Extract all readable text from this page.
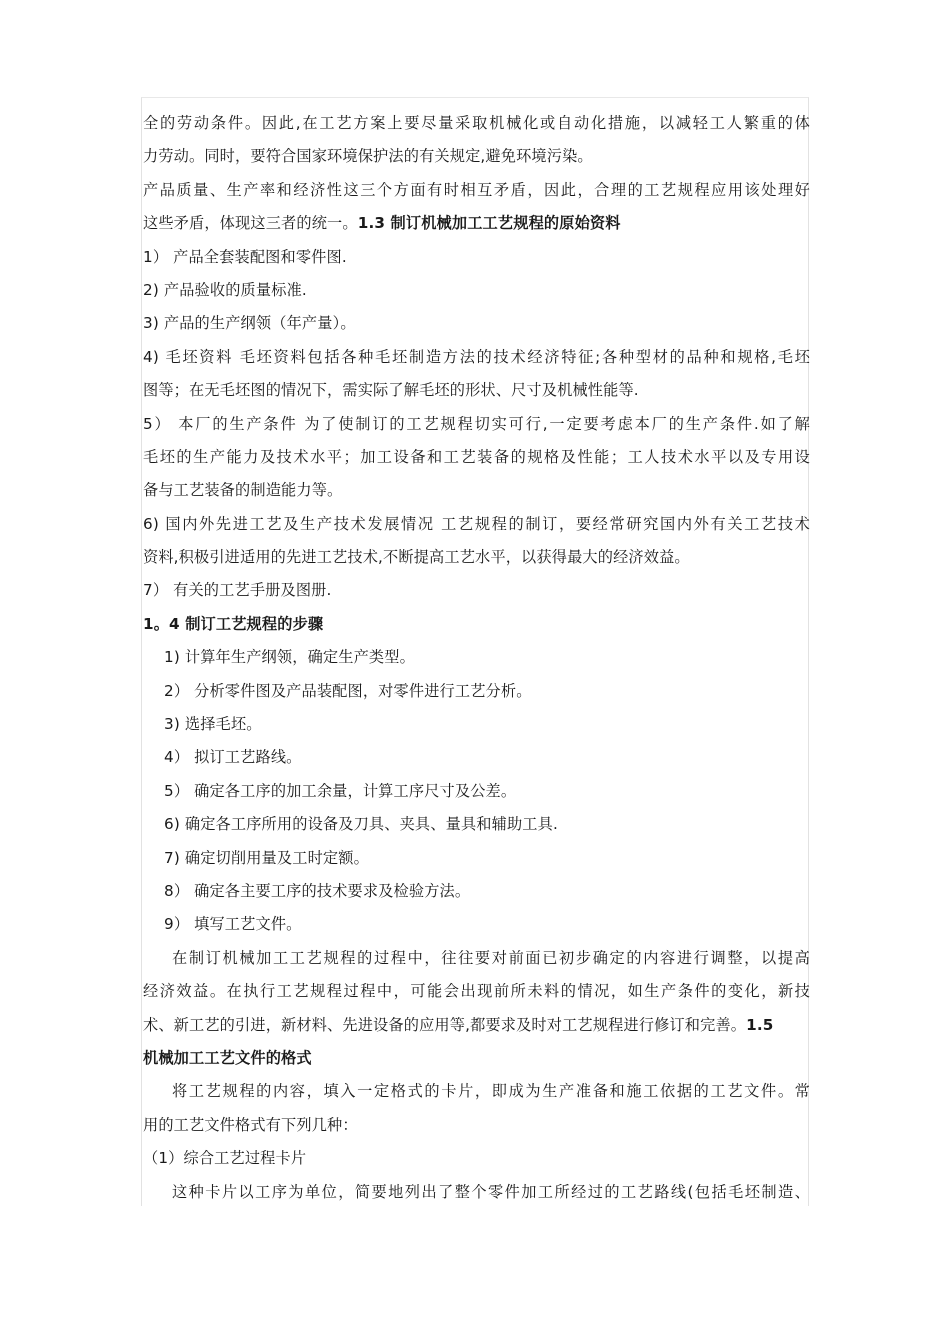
全的劳动条件。因此,在工艺方案上要尽量采取机械化或自动化措施，以减轻工人繁重的体
力劳动。同时，要符合国家环境保护法的有关规定,避免环境污染。
产品质量、生产率和经济性这三个方面有时相互矛盾，因此，合理的工艺规程应用该处理好
这些矛盾，体现这三者的统一。1.3 制订机械加工工艺规程的原始资料
1） 产品全套装配图和零件图.
2) 产品验收的质量标准.
3) 产品的生产纲领（年产量）。
4) 毛坯资料 毛坯资料包括各种毛坯制造方法的技术经济特征;各种型材的品种和规格,毛坯
图等；在无毛坯图的情况下，需实际了解毛坯的形状、尺寸及机械性能等.
5） 本厂的生产条件 为了使制订的工艺规程切实可行,一定要考虑本厂的生产条件.如了解
毛坯的生产能力及技术水平；加工设备和工艺装备的规格及性能；工人技术水平以及专用设
备与工艺装备的制造能力等。
6) 国内外先进工艺及生产技术发展情况 工艺规程的制订，要经常研究国内外有关工艺技术
资料,积极引进适用的先进工艺技术,不断提高工艺水平，以获得最大的经济效益。
7） 有关的工艺手册及图册.
1。4 制订工艺规程的步骤
1) 计算年生产纲领，确定生产类型。
2） 分析零件图及产品装配图，对零件进行工艺分析。
3) 选择毛坯。
4） 拟订工艺路线。
5） 确定各工序的加工余量，计算工序尺寸及公差。
6) 确定各工序所用的设备及刀具、夹具、量具和辅助工具.
7) 确定切削用量及工时定额。
8） 确定各主要工序的技术要求及检验方法。
9） 填写工艺文件。
在制订机械加工工艺规程的过程中，往往要对前面已初步确定的内容进行调整，以提高
经济效益。在执行工艺规程过程中，可能会出现前所未料的情况，如生产条件的变化，新技
术、新工艺的引进，新材料、先进设备的应用等,都要求及时对工艺规程进行修订和完善。1.5
机械加工工艺文件的格式
将工艺规程的内容，填入一定格式的卡片，即成为生产准备和施工依据的工艺文件。常
用的工艺文件格式有下列几种：
（1）综合工艺过程卡片
这种卡片以工序为单位，简要地列出了整个零件加工所经过的工艺路线(包括毛坯制造、
